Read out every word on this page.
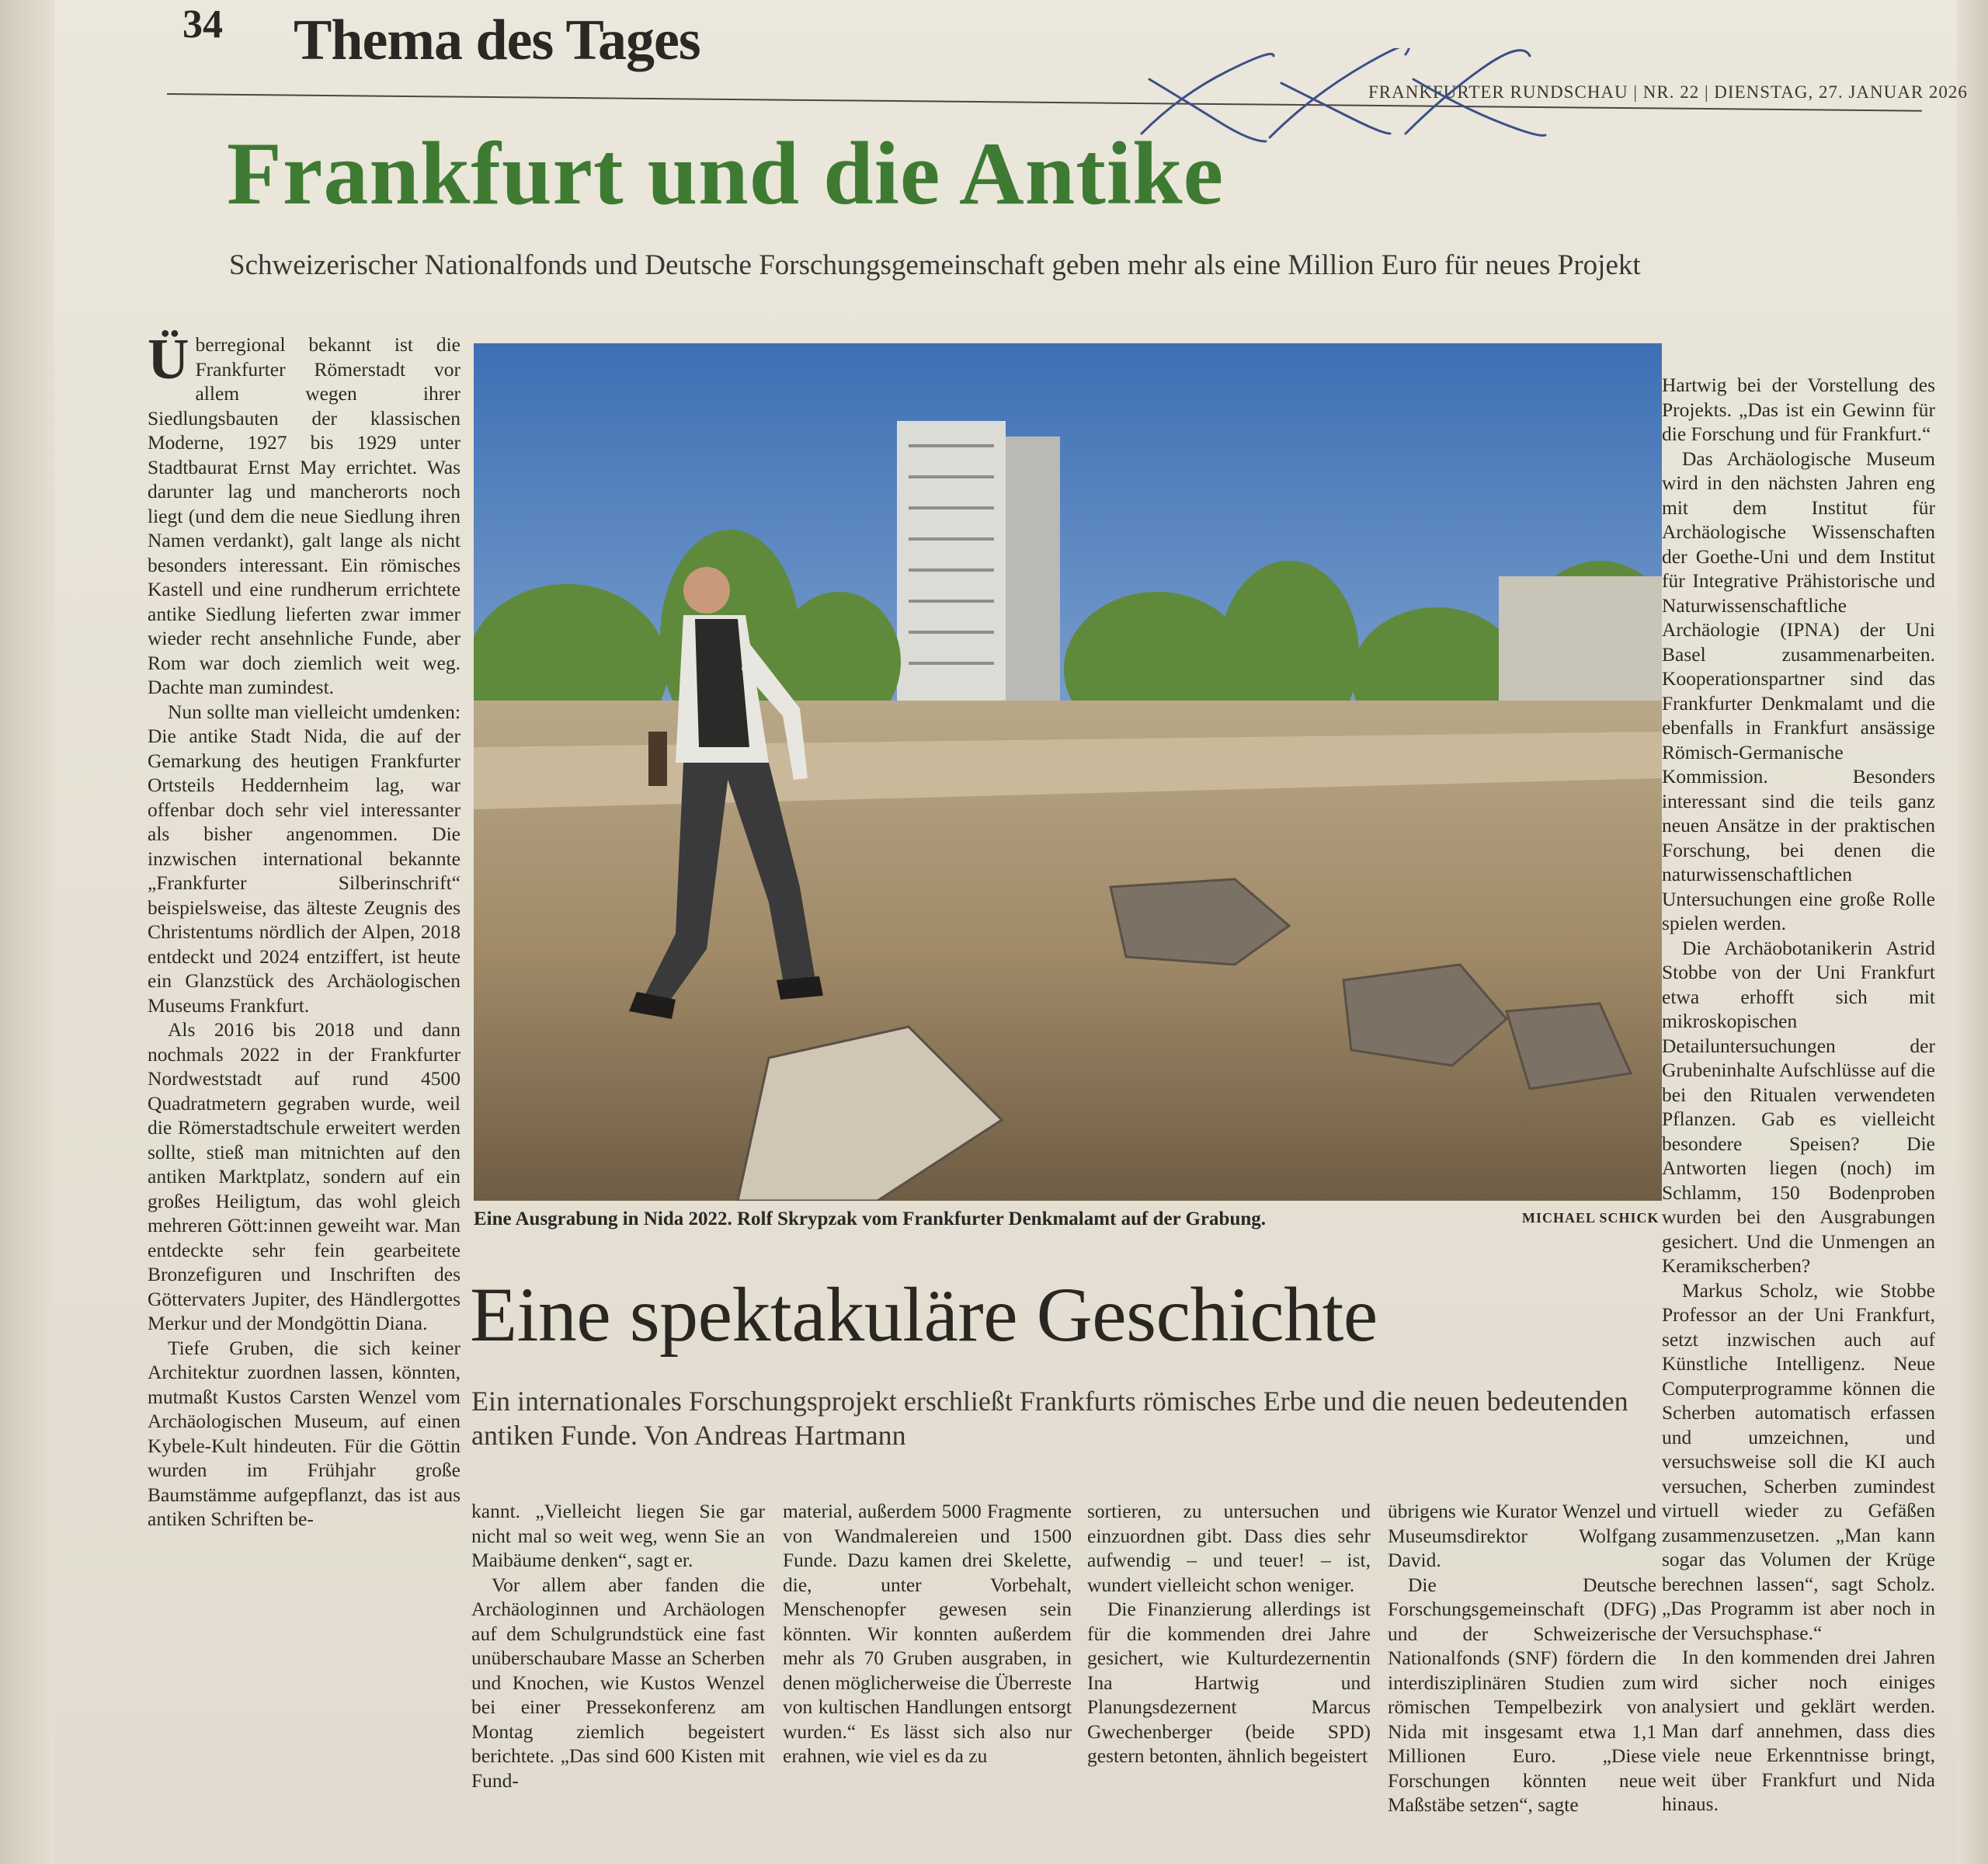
34 Thema des Tages
FRANKFURTER RUNDSCHAU | NR. 22 | DIENSTAG, 27. JANUAR 2026
Frankfurt und die Antike
Schweizerischer Nationalfonds und Deutsche Forschungsgemeinschaft geben mehr als eine Million Euro für neues Projekt

Überregional bekannt ist die Frankfurter Römerstadt vor allem wegen ihrer Siedlungsbauten der klassischen Moderne, 1927 bis 1929 unter Stadtbaurat Ernst May errichtet. Was darunter lag und mancherorts noch liegt (und dem die neue Siedlung ihren Namen verdankt), galt lange als nicht besonders interessant. Ein römisches Kastell und eine rundherum errichtete antike Siedlung lieferten zwar immer wieder recht ansehnliche Funde, aber Rom war doch ziemlich weit weg. Dachte man zumindest.

Nun sollte man vielleicht umdenken: Die antike Stadt Nida, die auf der Gemarkung des heutigen Frankfurter Ortsteils Heddernheim lag, war offenbar doch sehr viel interessanter als bisher angenommen. Die inzwischen international bekannte „Frankfurter Silberinschrift“ beispielsweise, das älteste Zeugnis des Christentums nördlich der Alpen, 2018 entdeckt und 2024 entziffert, ist heute ein Glanzstück des Archäologischen Museums Frankfurt.

Als 2016 bis 2018 und dann nochmals 2022 in der Frankfurter Nordweststadt auf rund 4500 Quadratmetern gegraben wurde, weil die Römerstadtschule erweitert werden sollte, stieß man mitnichten auf den antiken Marktplatz, sondern auf ein großes Heiligtum, das wohl gleich mehreren Gött:innen geweiht war. Man entdeckte sehr fein gearbeitete Bronzefiguren und Inschriften des Göttervaters Jupiter, des Händlergottes Merkur und der Mondgöttin Diana.

Tiefe Gruben, die sich keiner Architektur zuordnen lassen, könnten, mutmaßt Kustos Carsten Wenzel vom Archäologischen Museum, auf einen Kybele-Kult hindeuten. Für die Göttin wurden im Frühjahr große Baumstämme aufgepflanzt, das ist aus antiken Schriften be-

Eine Ausgrabung in Nida 2022. Rolf Skrypzak vom Frankfurter Denkmalamt auf der Grabung.	MICHAEL SCHICK

Hartwig bei der Vorstellung des Projekts. „Das ist ein Gewinn für die Forschung und für Frankfurt.“

Das Archäologische Museum wird in den nächsten Jahren eng mit dem Institut für Archäologische Wissenschaften der Goethe-Uni und dem Institut für Integrative Prähistorische und Naturwissenschaftliche Archäologie (IPNA) der Uni Basel zusammenarbeiten. Kooperationspartner sind das Frankfurter Denkmalamt und die ebenfalls in Frankfurt ansässige Römisch-Germanische Kommission. Besonders interessant sind die teils ganz neuen Ansätze in der praktischen Forschung, bei denen die naturwissenschaftlichen Untersuchungen eine große Rolle spielen werden.

Die Archäobotanikerin Astrid Stobbe von der Uni Frankfurt etwa erhofft sich mit mikroskopischen Detailuntersuchungen der Grubeninhalte Aufschlüsse auf die bei den Ritualen verwendeten Pflanzen. Gab es vielleicht besondere Speisen? Die Antworten liegen (noch) im Schlamm, 150 Bodenproben wurden bei den Ausgrabungen gesichert. Und die Unmengen an Keramikscherben?

Markus Scholz, wie Stobbe Professor an der Uni Frankfurt, setzt inzwischen auch auf Künstliche Intelligenz. Neue Computerprogramme können die Scherben automatisch erfassen und umzeichnen, und versuchsweise soll die KI auch versuchen, Scherben zumindest virtuell wieder zu Gefäßen zusammenzusetzen. „Man kann sogar das Volumen der Krüge berechnen lassen“, sagt Scholz. „Das Programm ist aber noch in der Versuchsphase.“

In den kommenden drei Jahren wird sicher noch einiges analysiert und geklärt werden. Man darf annehmen, dass dies viele neue Erkenntnisse bringt, weit über Frankfurt und Nida hinaus.

Eine spektakuläre Geschichte
Ein internationales Forschungsprojekt erschließt Frankfurts römisches Erbe und die neuen bedeutenden antiken Funde. Von Andreas Hartmann

kannt. „Vielleicht liegen Sie gar nicht mal so weit weg, wenn Sie an Maibäume denken“, sagt er.

Vor allem aber fanden die Archäologinnen und Archäologen auf dem Schulgrundstück eine fast unüberschaubare Masse an Scherben und Knochen, wie Kustos Wenzel bei einer Pressekonferenz am Montag ziemlich begeistert berichtete. „Das sind 600 Kisten mit Fund-

material, außerdem 5000 Fragmente von Wandmalereien und 1500 Funde. Dazu kamen drei Skelette, die, unter Vorbehalt, Menschenopfer gewesen sein könnten. Wir konnten außerdem mehr als 70 Gruben ausgraben, in denen möglicherweise die Überreste von kultischen Handlungen entsorgt wurden.“ Es lässt sich also nur erahnen, wie viel es da zu

sortieren, zu untersuchen und einzuordnen gibt. Dass dies sehr aufwendig – und teuer! – ist, wundert vielleicht schon weniger.

Die Finanzierung allerdings ist für die kommenden drei Jahre gesichert, wie Kulturdezernentin Ina Hartwig und Planungsdezernent Marcus Gwechenberger (beide SPD) gestern betonten, ähnlich begeistert

übrigens wie Kurator Wenzel und Museumsdirektor Wolfgang David.

Die Deutsche Forschungsgemeinschaft (DFG) und der Schweizerische Nationalfonds (SNF) fördern die interdisziplinären Studien zum römischen Tempelbezirk von Nida mit insgesamt etwa 1,1 Millionen Euro. „Diese Forschungen könnten neue Maßstäbe setzen“, sagte
